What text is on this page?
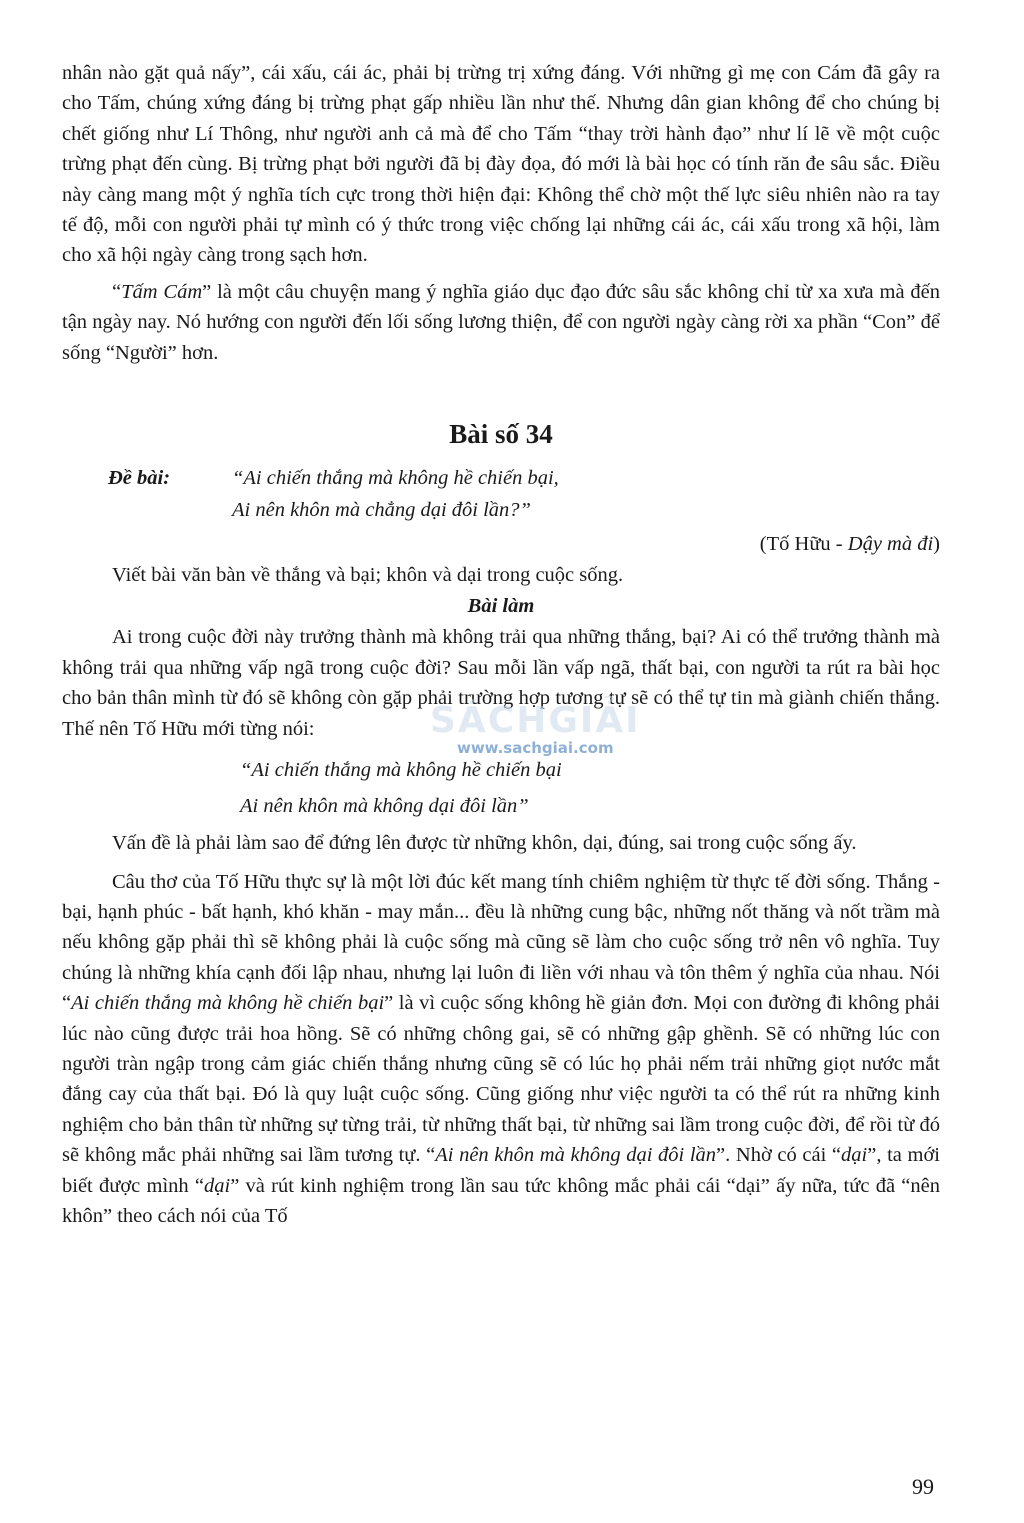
nhân nào gặt quả nấy”, cái xấu, cái ác, phải bị trừng trị xứng đáng. Với những gì mẹ con Cám đã gây ra cho Tấm, chúng xứng đáng bị trừng phạt gấp nhiều lần như thế. Nhưng dân gian không để cho chúng bị chết giống như Lí Thông, như người anh cả mà để cho Tấm “thay trời hành đạo” như lí lẽ về một cuộc trừng phạt đến cùng. Bị trừng phạt bởi người đã bị đày đọa, đó mới là bài học có tính răn đe sâu sắc. Điều này càng mang một ý nghĩa tích cực trong thời hiện đại: Không thể chờ một thế lực siêu nhiên nào ra tay tế độ, mỗi con người phải tự mình có ý thức trong việc chống lại những cái ác, cái xấu trong xã hội, làm cho xã hội ngày càng trong sạch hơn.

“Tấm Cám” là một câu chuyện mang ý nghĩa giáo dục đạo đức sâu sắc không chỉ từ xa xưa mà đến tận ngày nay. Nó hướng con người đến lối sống lương thiện, để con người ngày càng rời xa phần “Con” để sống “Người” hơn.

Bài số 34
Đề bài:	“Ai chiến thắng mà không hề chiến bại,
Ai nên khôn mà chẳng dại đôi lần?”
(Tố Hữu - Dậy mà đi)

Viết bài văn bàn về thắng và bại; khôn và dại trong cuộc sống.

Bài làm

Ai trong cuộc đời này trưởng thành mà không trải qua những thắng, bại? Ai có thể trưởng thành mà không trải qua những vấp ngã trong cuộc đời? Sau mỗi lần vấp ngã, thất bại, con người ta rút ra bài học cho bản thân mình từ đó sẽ không còn gặp phải trường hợp tương tự sẽ có thể tự tin mà giành chiến thắng. Thế nên Tố Hữu mới từng nói:

“Ai chiến thắng mà không hề chiến bại
Ai nên khôn mà không dại đôi lần”

Vấn đề là phải làm sao để đứng lên được từ những khôn, dại, đúng, sai trong cuộc sống ấy.

Câu thơ của Tố Hữu thực sự là một lời đúc kết mang tính chiêm nghiệm từ thực tế đời sống. Thắng - bại, hạnh phúc - bất hạnh, khó khăn - may mắn... đều là những cung bậc, những nốt thăng và nốt trầm mà nếu không gặp phải thì sẽ không phải là cuộc sống mà cũng sẽ làm cho cuộc sống trở nên vô nghĩa. Tuy chúng là những khía cạnh đối lập nhau, nhưng lại luôn đi liền với nhau và tôn thêm ý nghĩa của nhau. Nói “Ai chiến thắng mà không hề chiến bại” là vì cuộc sống không hề giản đơn. Mọi con đường đi không phải lúc nào cũng được trải hoa hồng. Sẽ có những chông gai, sẽ có những gập ghềnh. Sẽ có những lúc con người tràn ngập trong cảm giác chiến thắng nhưng cũng sẽ có lúc họ phải nếm trải những giọt nước mắt đắng cay của thất bại. Đó là quy luật cuộc sống. Cũng giống như việc người ta có thể rút ra những kinh nghiệm cho bản thân từ những sự từng trải, từ những thất bại, từ những sai lầm trong cuộc đời, để rồi từ đó sẽ không mắc phải những sai lầm tương tự. “Ai nên khôn mà không dại đôi lần”. Nhờ có cái “dại”, ta mới biết được mình “dại” và rút kinh nghiệm trong lần sau tức không mắc phải cái “dại” ấy nữa, tức đã “nên khôn” theo cách nói của Tố

SÁCHGIẢI
www.sachgiai.com
99
